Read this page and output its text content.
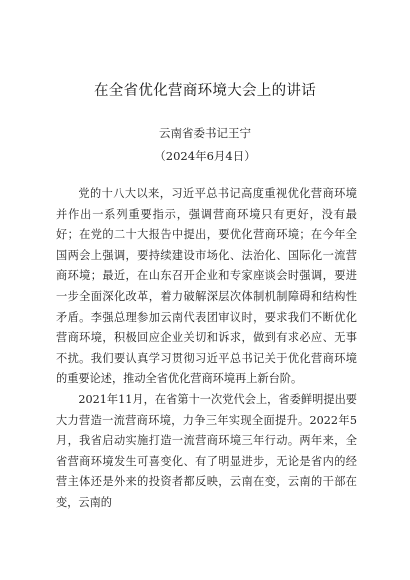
在全省优化营商环境大会上的讲话
云南省委书记王宁
（2024年6月4日）

党的十八大以来，习近平总书记高度重视优化营商环境并作出一系列重要指示，强调营商环境只有更好，没有最好；在党的二十大报告中提出，要优化营商环境；在今年全国两会上强调，要持续建设市场化、法治化、国际化一流营商环境；最近，在山东召开企业和专家座谈会时强调，要进一步全面深化改革，着力破解深层次体制机制障碍和结构性矛盾。李强总理参加云南代表团审议时，要求我们不断优化营商环境，积极回应企业关切和诉求，做到有求必应、无事不扰。我们要认真学习贯彻习近平总书记关于优化营商环境的重要论述，推动全省优化营商环境再上新台阶。

2021年11月，在省第十一次党代会上，省委鲜明提出要大力营造一流营商环境，力争三年实现全面提升。2022年5月，我省启动实施打造一流营商环境三年行动。两年来，全省营商环境发生可喜变化、有了明显进步，无论是省内的经营主体还是外来的投资者都反映，云南在变，云南的干部在变，云南的
